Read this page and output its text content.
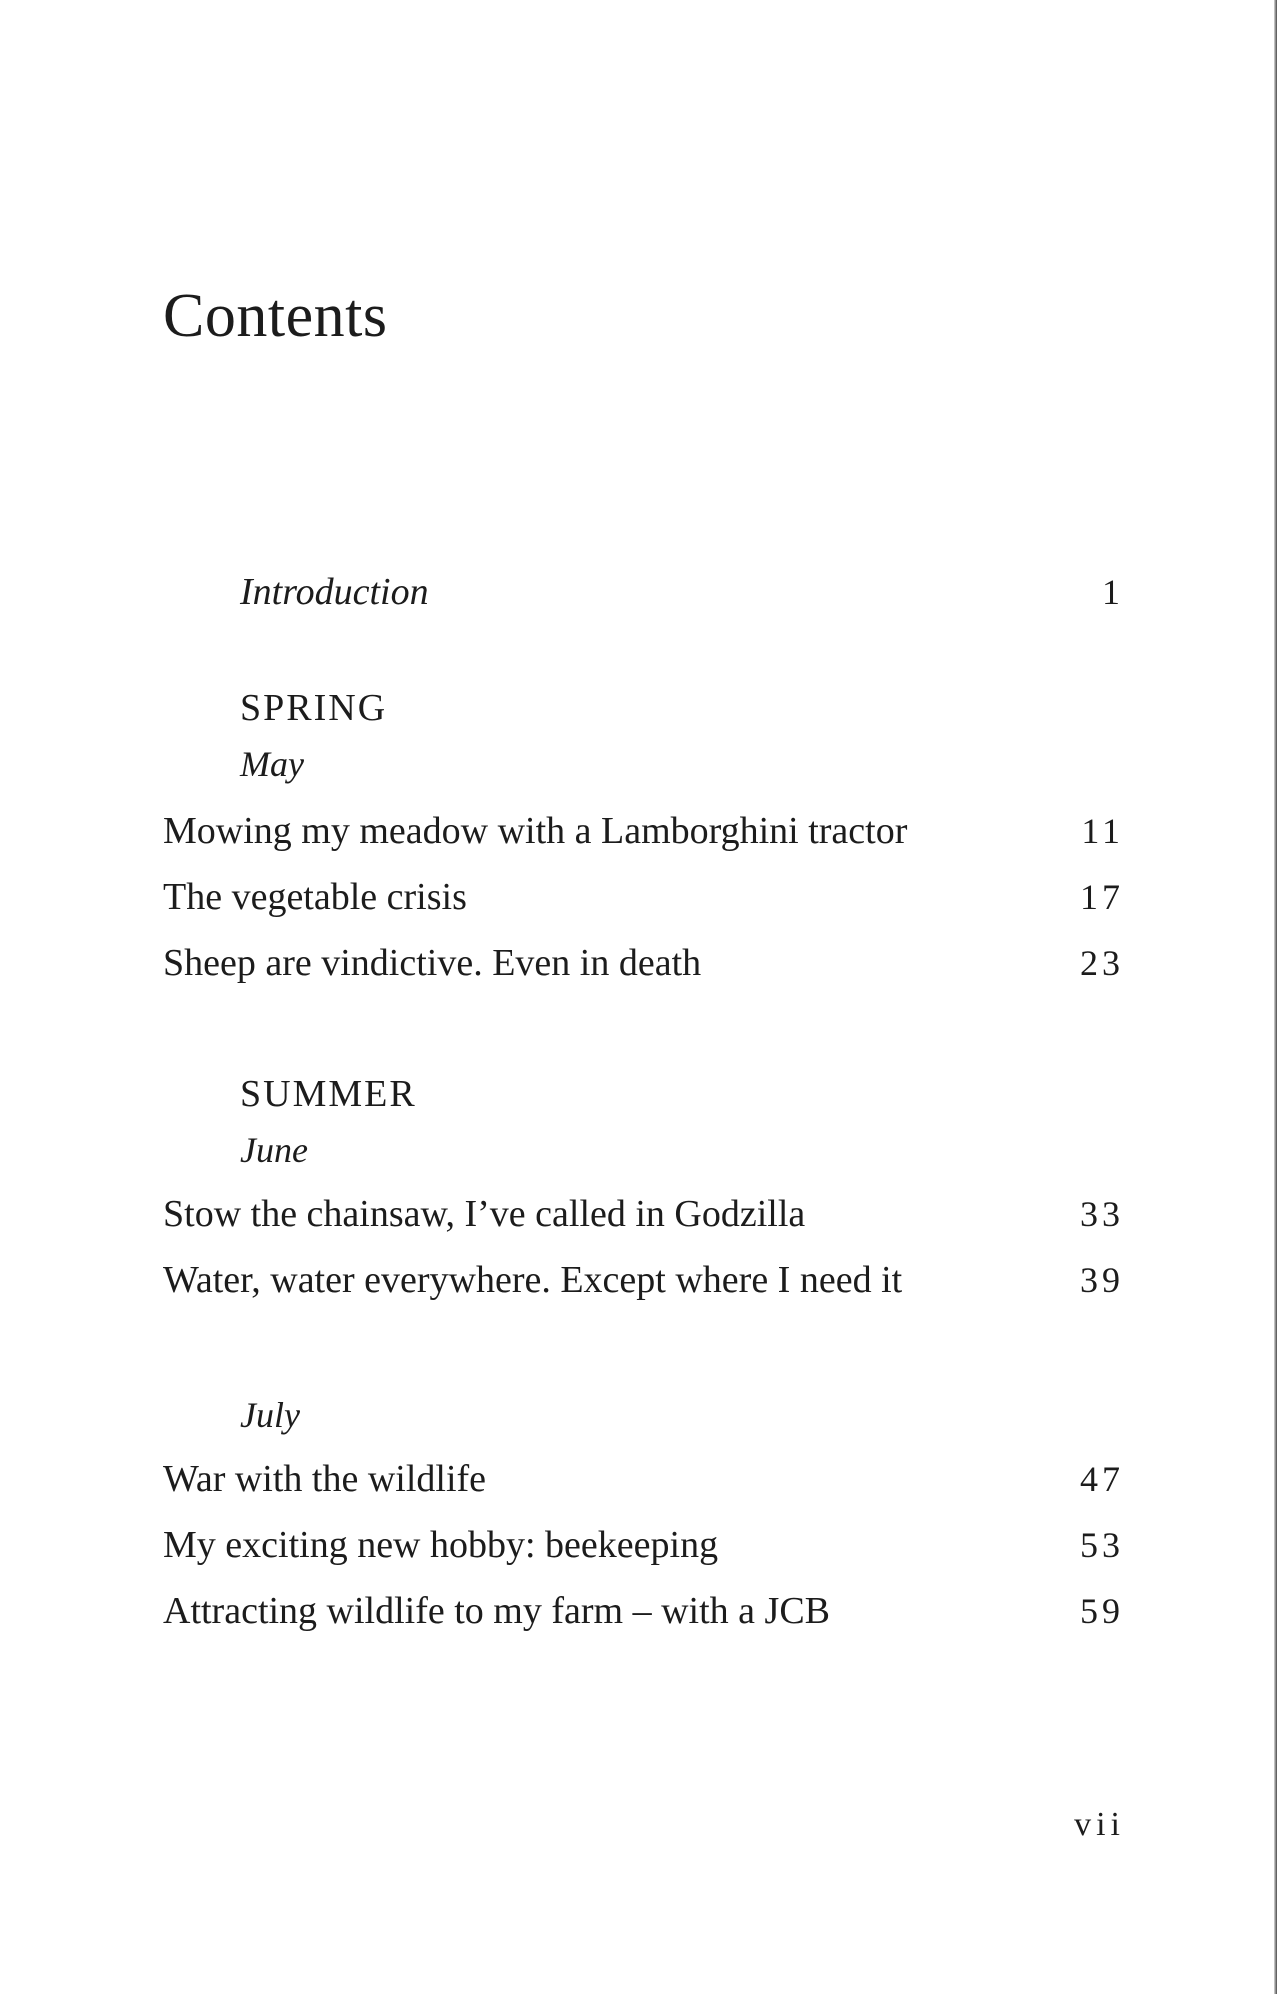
Contents
Introduction	1
SPRING
May
Mowing my meadow with a Lamborghini tractor	11
The vegetable crisis	17
Sheep are vindictive. Even in death	23
SUMMER
June
Stow the chainsaw, I’ve called in Godzilla	33
Water, water everywhere. Except where I need it	39
July
War with the wildlife	47
My exciting new hobby: beekeeping	53
Attracting wildlife to my farm – with a JCB	59
vii
